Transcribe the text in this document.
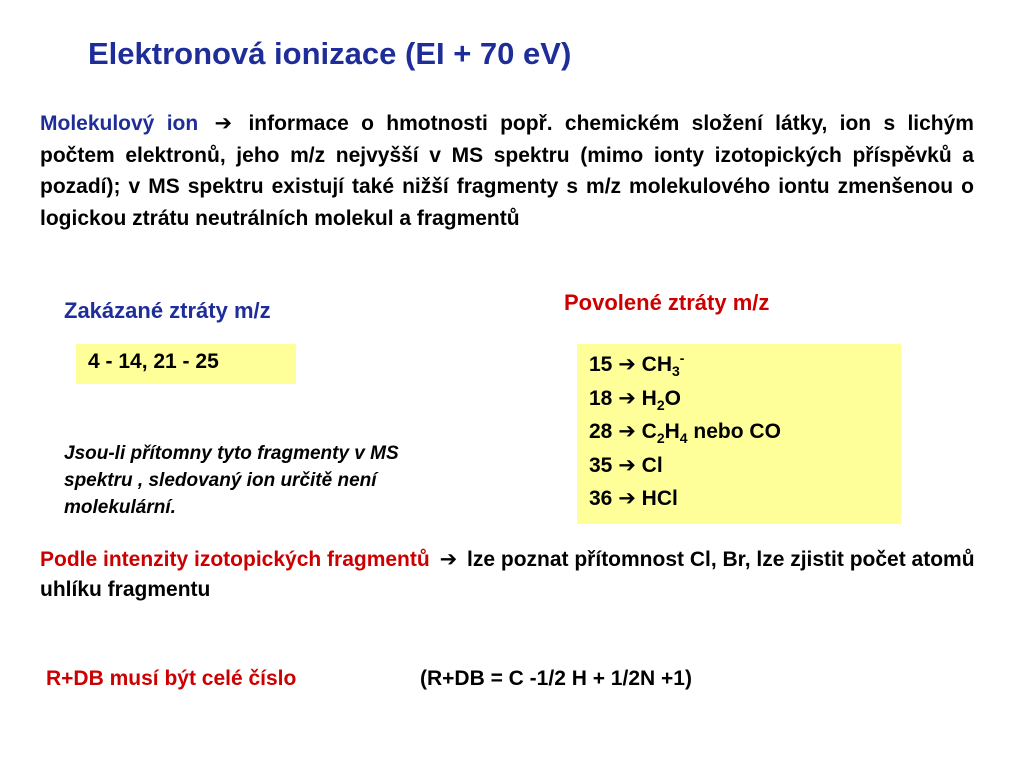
Elektronová ionizace (EI + 70 eV)
Molekulový ion ➔ informace o hmotnosti popř. chemickém složení látky, ion s lichým počtem elektronů, jeho m/z nejvyšší v MS spektru (mimo ionty izotopických příspěvků a pozadí); v MS spektru existují také nižší fragmenty s m/z molekulového iontu zmenšenou o logickou ztrátu neutrálních molekul a fragmentů
Zakázané ztráty m/z	Povolené ztráty m/z
4 - 14, 21 - 25	15 ➔ $CH_3^-$
18 ➔ $H_2O$
28 ➔ $C_2H_4$ nebo CO
35 ➔ Cl
36 ➔ HCl
Jsou-li přítomny tyto fragmenty v MS spektru , sledovaný ion určitě není molekulární.
Podle intenzity izotopických fragmentů ➔ lze poznat přítomnost Cl, Br, lze zjistit počet atomů uhlíku fragmentu
R+DB musí být celé číslo	(R+DB = C -1/2 H + 1/2N +1)
